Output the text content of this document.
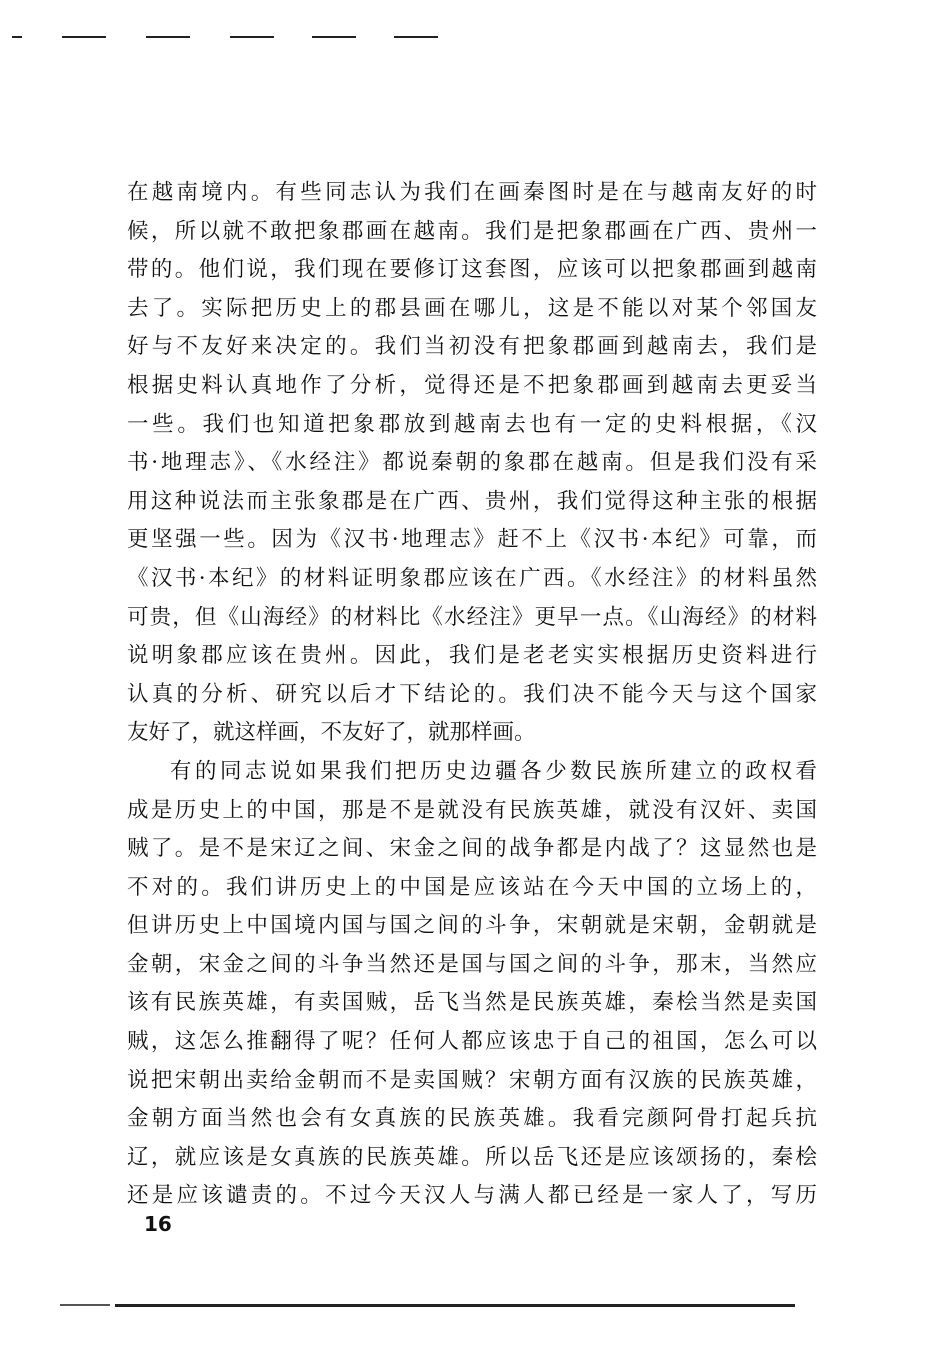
在越南境内。有些同志认为我们在画秦图时是在与越南友好的时
候，所以就不敢把象郡画在越南。我们是把象郡画在广西、贵州一
带的。他们说，我们现在要修订这套图，应该可以把象郡画到越南
去了。实际把历史上的郡县画在哪儿，这是不能以对某个邻国友
好与不友好来决定的。我们当初没有把象郡画到越南去，我们是
根据史料认真地作了分析，觉得还是不把象郡画到越南去更妥当
一些。我们也知道把象郡放到越南去也有一定的史料根据，《汉
书·地理志》、《水经注》都说秦朝的象郡在越南。但是我们没有采
用这种说法而主张象郡是在广西、贵州，我们觉得这种主张的根据
更坚强一些。因为《汉书·地理志》赶不上《汉书·本纪》可靠，而
《汉书·本纪》的材料证明象郡应该在广西。《水经注》的材料虽然
可贵，但《山海经》的材料比《水经注》更早一点。《山海经》的材料
说明象郡应该在贵州。因此，我们是老老实实根据历史资料进行
认真的分析、研究以后才下结论的。我们决不能今天与这个国家
友好了，就这样画，不友好了，就那样画。
有的同志说如果我们把历史边疆各少数民族所建立的政权看
成是历史上的中国，那是不是就没有民族英雄，就没有汉奸、卖国
贼了。是不是宋辽之间、宋金之间的战争都是内战了？这显然也是
不对的。我们讲历史上的中国是应该站在今天中国的立场上的，
但讲历史上中国境内国与国之间的斗争，宋朝就是宋朝，金朝就是
金朝，宋金之间的斗争当然还是国与国之间的斗争，那末，当然应
该有民族英雄，有卖国贼，岳飞当然是民族英雄，秦桧当然是卖国
贼，这怎么推翻得了呢？任何人都应该忠于自己的祖国，怎么可以
说把宋朝出卖给金朝而不是卖国贼？宋朝方面有汉族的民族英雄，
金朝方面当然也会有女真族的民族英雄。我看完颜阿骨打起兵抗
辽，就应该是女真族的民族英雄。所以岳飞还是应该颂扬的，秦桧
还是应该谴责的。不过今天汉人与满人都已经是一家人了，写历
16
